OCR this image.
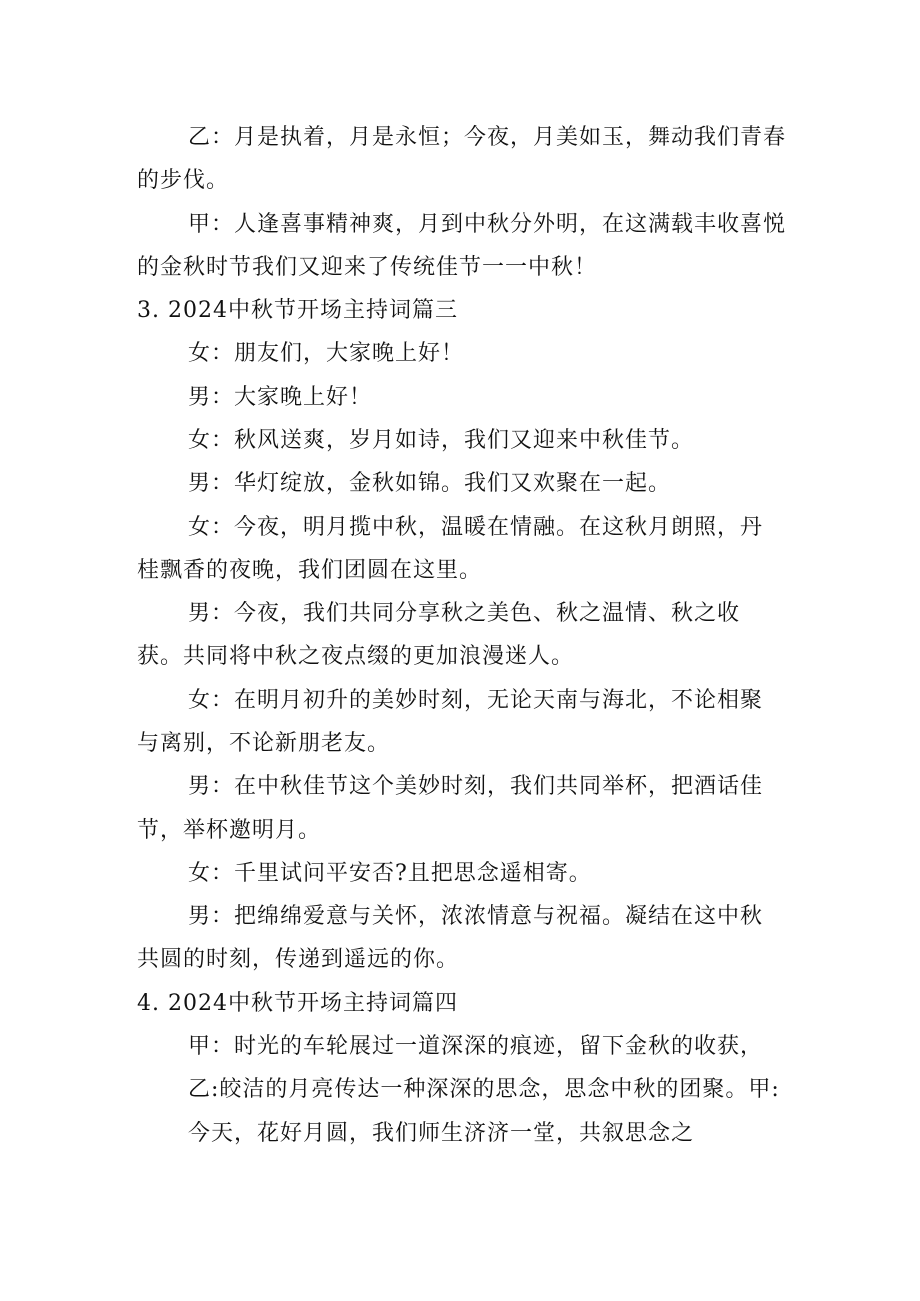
乙：月是执着，月是永恒；今夜，月美如玉，舞动我们青春
的步伐。
甲：人逢喜事精神爽，月到中秋分外明，在这满载丰收喜悦
的金秋时节我们又迎来了传统佳节一一中秋！
3. 2024中秋节开场主持词篇三
女：朋友们，大家晚上好！
男：大家晚上好！
女：秋风送爽，岁月如诗，我们又迎来中秋佳节。
男：华灯绽放，金秋如锦。我们又欢聚在一起。
女：今夜，明月揽中秋，温暖在情融。在这秋月朗照，丹
桂飘香的夜晚，我们团圆在这里。
男：今夜，我们共同分享秋之美色、秋之温情、秋之收
获。共同将中秋之夜点缀的更加浪漫迷人。
女：在明月初升的美妙时刻，无论天南与海北，不论相聚
与离别，不论新朋老友。
男：在中秋佳节这个美妙时刻，我们共同举杯，把酒话佳
节，举杯邀明月。
女：千里试问平安否?且把思念遥相寄。
男：把绵绵爱意与关怀，浓浓情意与祝福。凝结在这中秋
共圆的时刻，传递到遥远的你。
4. 2024中秋节开场主持词篇四
甲：时光的车轮展过一道深深的痕迹，留下金秋的收获，
乙:皎洁的月亮传达一种深深的思念，思念中秋的团聚。甲:
今天，花好月圆，我们师生济济一堂，共叙思念之
